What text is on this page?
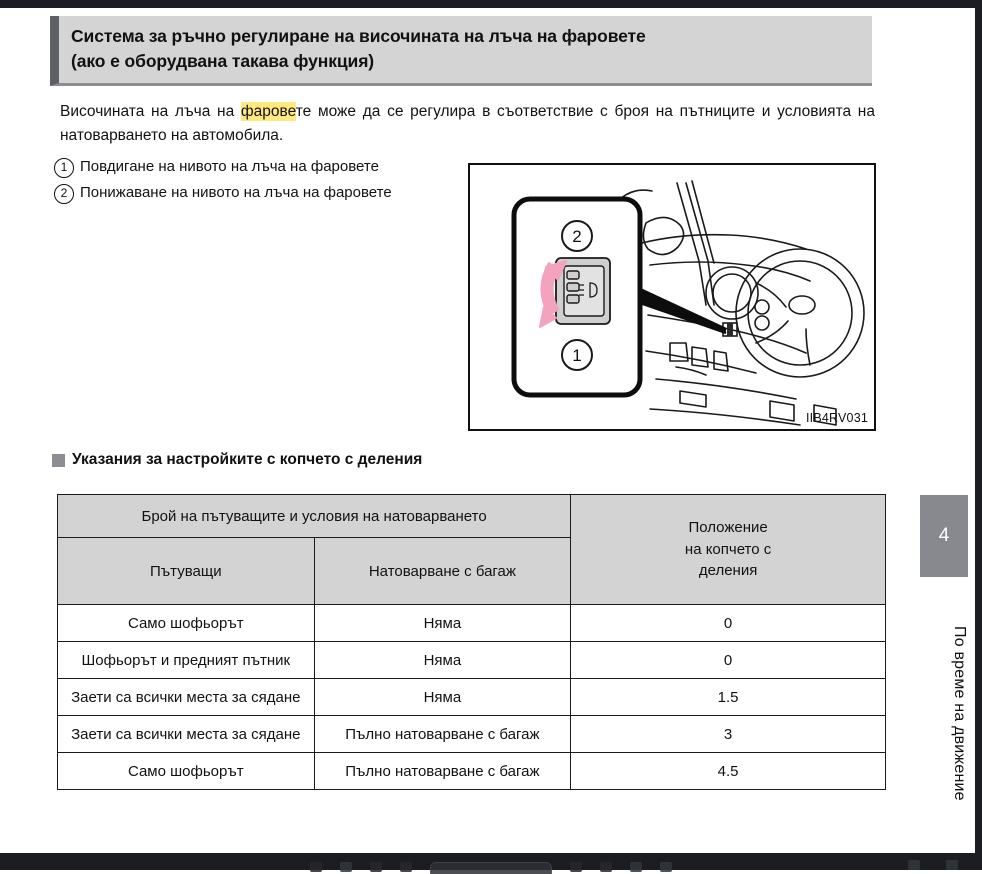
Система за ръчно регулиране на височината на лъча на фаровете
(ако е оборудвана такава функция)
Височината на лъча на фаровете може да се регулира в съответствие с броя на пътниците и условията на натоварването на автомобила.
1 Повдигане на нивото на лъча на фаровете
2 Понижаване на нивото на лъча на фаровете
2
1
IIB4RV031
Указания за настройките с копчето с деления
Брой на пътуващите и условия на натоварването		Положение
на копчето с
деления
Пътуващи	Натоварване с багаж	
Само шофьорът	Няма	0
Шофьорът и предният пътник	Няма	0
Заети са всички места за сядане	Няма	1.5
Заети са всички места за сядане	Пълно натоварване с багаж	3
Само шофьорът	Пълно натоварване с багаж	4.5
4
По време на движение
